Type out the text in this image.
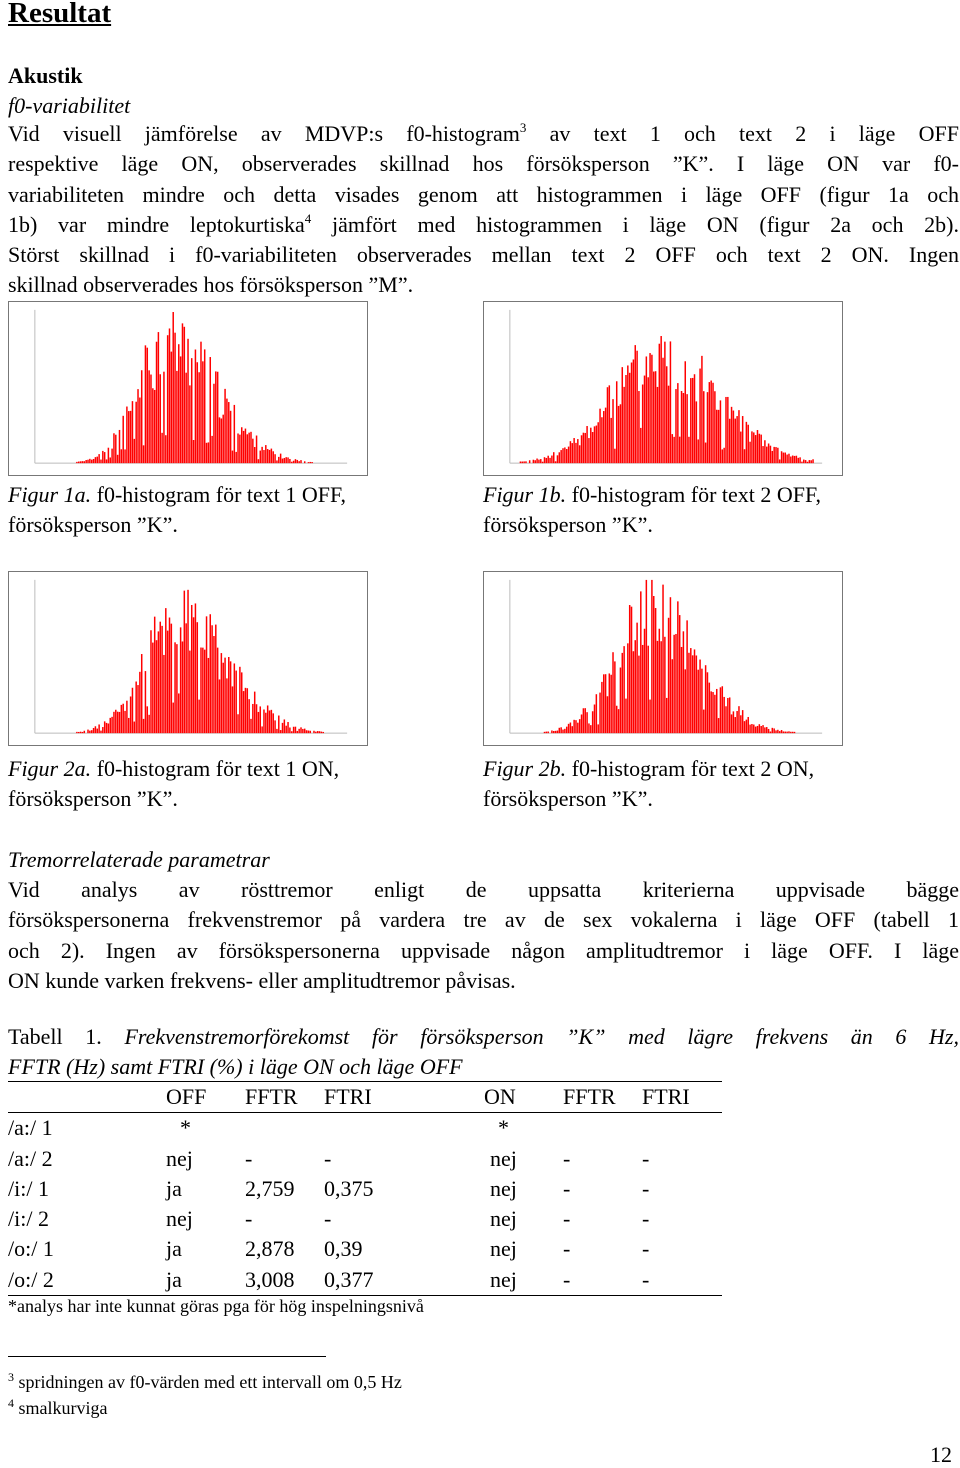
Resultat
Akustik
f0-variabilitet
Vid visuell jämförelse av MDVP:s f0-histogram$^3$ av text 1 och text 2 i läge OFF
respektive läge ON, observerades skillnad hos försöksperson ”K”. I läge ON var f0-
variabiliteten mindre och detta visades genom att histogrammen i läge OFF (figur 1a och
1b) var mindre leptokurtiska$^4$ jämfört med histogrammen i läge ON (figur 2a och 2b).
Störst skillnad i f0-variabiliteten observerades mellan text 2 OFF och text 2 ON. Ingen
skillnad observerades hos försöksperson ”M”.
Figur 1a. f0-histogram för text 1 OFF,
försöksperson ”K”.
Figur 1b. f0-histogram för text 2 OFF,
försöksperson ”K”.
Figur 2a. f0-histogram för text 1 ON,
försöksperson ”K”.
Figur 2b. f0-histogram för text 2 ON,
försöksperson ”K”.
Tremorrelaterade parametrar
Vid analys av rösttremor enligt de uppsatta kriterierna uppvisade bägge
försökspersonerna frekvenstremor på vardera tre av de sex vokalerna i läge OFF (tabell 1
och 2). Ingen av försökspersonerna uppvisade någon amplitudtremor i läge OFF. I läge
ON kunde varken frekvens- eller amplitudtremor påvisas.
Tabell 1. Frekvenstremorförekomst för försöksperson ”K” med lägre frekvens än 6 Hz,
FFTR (Hz) samt FTRI (%) i läge ON och läge OFF
	OFF	FFTR	FTRI	ON	FFTR	FTRI
/a:/ 1	*			*		
/a:/ 2	nej	-	-	nej	-	-
/i:/ 1	ja	2,759	0,375	nej	-	-
/i:/ 2	nej	-	-	nej	-	-
/o:/ 1	ja	2,878	0,39	nej	-	-
/o:/ 2	ja	3,008	0,377	nej	-	-
*analys har inte kunnat göras pga för hög inspelningsnivå
$^3$ spridningen av f0-värden med ett intervall om 0,5 Hz
$^4$ smalkurviga
12
